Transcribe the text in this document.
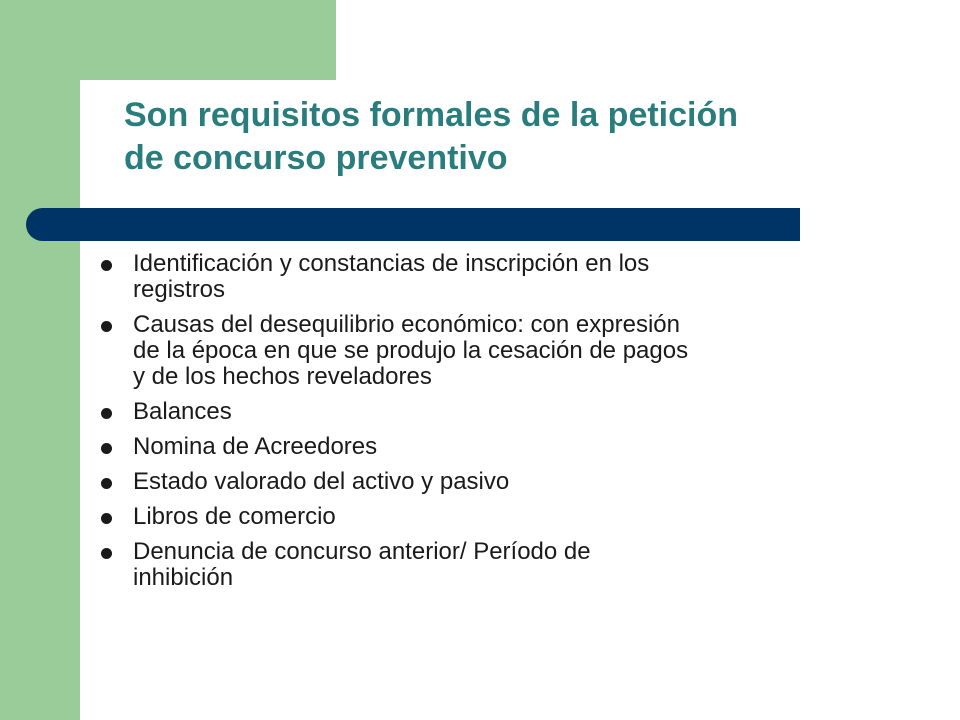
Son requisitos formales de la petición
de concurso preventivo
Identificación y constancias de inscripción en los
registros
Causas del desequilibrio económico: con expresión
de la época en que se produjo la cesación de pagos
y de los hechos reveladores
Balances
Nomina de Acreedores
Estado valorado del activo y pasivo
Libros de comercio
Denuncia de concurso anterior/ Período de
inhibición
